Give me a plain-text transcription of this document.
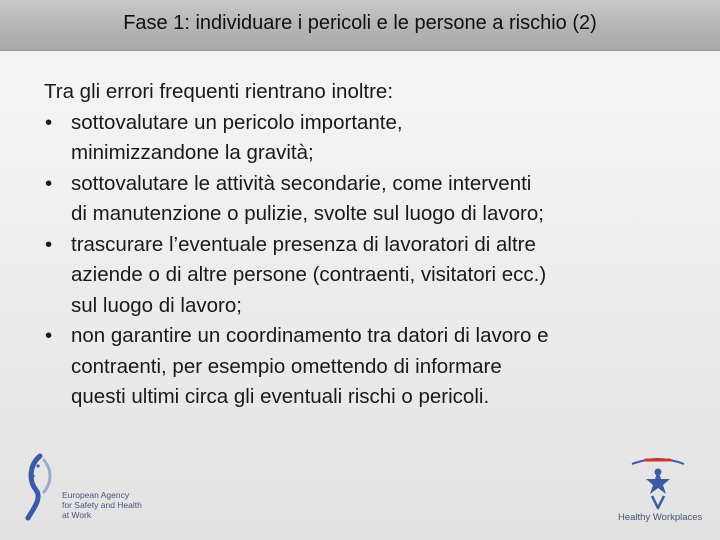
Fase 1: individuare i pericoli e le persone a rischio (2)

Tra gli errori frequenti rientrano inoltre:

• sottovalutare un pericolo importante,
minimizzandone la gravità;
• sottovalutare le attività secondarie, come interventi
di manutenzione o pulizie, svolte sul luogo di lavoro;
• trascurare l’eventuale presenza di lavoratori di altre
aziende o di altre persone (contraenti, visitatori ecc.)
sul luogo di lavoro;
• non garantire un coordinamento tra datori di lavoro e
contraenti, per esempio omettendo di informare
questi ultimi circa gli eventuali rischi o pericoli.
European Agency
for Safety and Health
at Work	Healthy Workplaces
